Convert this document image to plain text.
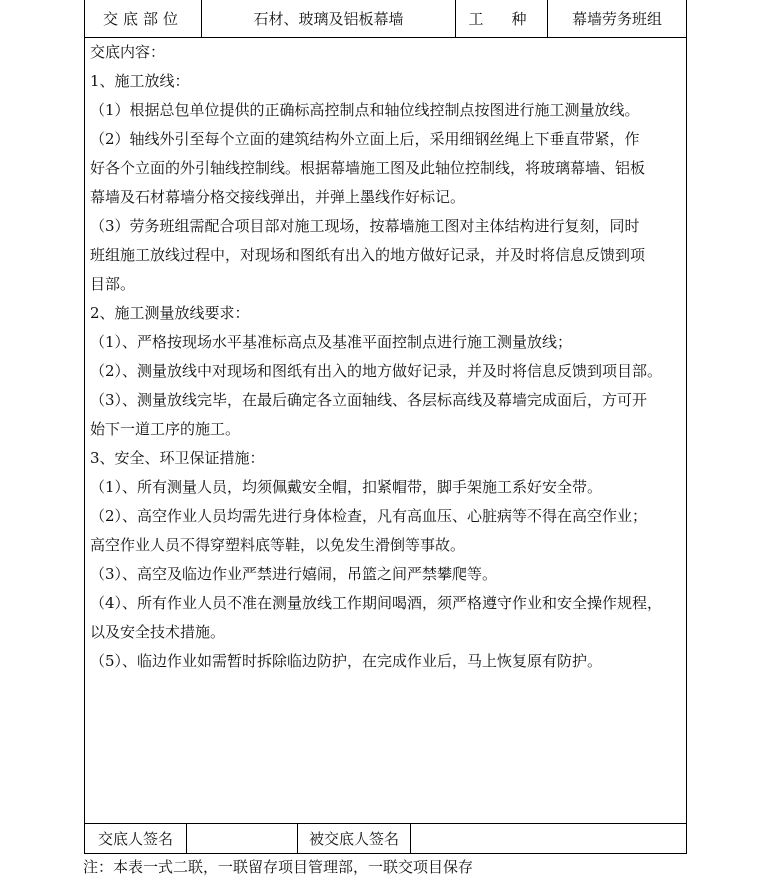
交底部位	石材、玻璃及铝板幕墙	工种	幕墙劳务班组
交底内容：
1、施工放线：
（1）根据总包单位提供的正确标高控制点和轴位线控制点按图进行施工测量放线。
（2）轴线外引至每个立面的建筑结构外立面上后，采用细钢丝绳上下垂直带紧，作
好各个立面的外引轴线控制线。根据幕墙施工图及此轴位控制线，将玻璃幕墙、铝板
幕墙及石材幕墙分格交接线弹出，并弹上墨线作好标记。
（3）劳务班组需配合项目部对施工现场，按幕墙施工图对主体结构进行复刻，同时
班组施工放线过程中，对现场和图纸有出入的地方做好记录，并及时将信息反馈到项
目部。
2、施工测量放线要求：
（1）、严格按现场水平基准标高点及基准平面控制点进行施工测量放线；
（2）、测量放线中对现场和图纸有出入的地方做好记录，并及时将信息反馈到项目部。
（3）、测量放线完毕，在最后确定各立面轴线、各层标高线及幕墙完成面后，方可开
始下一道工序的施工。
3、安全、环卫保证措施：
（1）、所有测量人员，均须佩戴安全帽，扣紧帽带，脚手架施工系好安全带。
（2）、高空作业人员均需先进行身体检查，凡有高血压、心脏病等不得在高空作业；
高空作业人员不得穿塑料底等鞋，以免发生滑倒等事故。
（3）、高空及临边作业严禁进行嬉闹，吊篮之间严禁攀爬等。
（4）、所有作业人员不准在测量放线工作期间喝酒，须严格遵守作业和安全操作规程，
以及安全技术措施。
（5）、临边作业如需暂时拆除临边防护，在完成作业后，马上恢复原有防护。
交底人签名	被交底人签名
注：本表一式二联，一联留存项目管理部，一联交项目保存
